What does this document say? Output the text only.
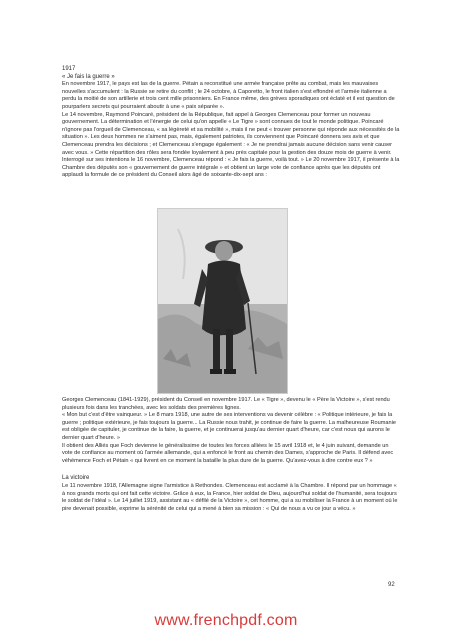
1917

« Je fais la guerre »

En novembre 1917, le pays est las de la guerre. Pétain a reconstitué une armée française prête au combat, mais les mauvaises nouvelles s'accumulent : la Russie se retire du conflit ; le 24 octobre, à Caporetto, le front italien s'est effondré et l'armée italienne a perdu la moitié de son artillerie et trois cent mille prisonniers. En France même, des grèves sporadiques ont éclaté et il est question de pourparlers secrets qui pourraient aboutir à une « paix séparée ».

Le 14 novembre, Raymond Poincaré, président de la République, fait appel à Georges Clemenceau pour former un nouveau gouvernement. La détermination et l'énergie de celui qu'on appelle « Le Tigre » sont connues de tout le monde politique. Poincaré n'ignore pas l'orgueil de Clemenceau, « sa légèreté et sa mobilité », mais il ne peut « trouver personne qui réponde aux nécessités de la situation ». Les deux hommes ne s'aiment pas, mais, également patriotes, ils conviennent que Poincaré donnera ses avis et que Clemenceau prendra les décisions ; et Clemenceau s'engage également : « Je ne prendrai jamais aucune décision sans venir causer avec vous. » Cette répartition des rôles sera fondée loyalement à peu près capitale pour la gestion des douze mois de guerre à venir.

Interrogé sur ses intentions le 16 novembre, Clemenceau répond : « Je fais la guerre, voilà tout. » Le 20 novembre 1917, il présente à la Chambre des députés son « gouvernement de guerre intégrale » et obtient un large vote de confiance après que les députés ont applaudi la formule de ce président du Conseil alors âgé de soixante-dix-sept ans :

Georges Clemenceau (1841-1929), président du Conseil en novembre 1917. Le « Tigre », devenu le « Père la Victoire », s'est rendu plusieurs fois dans les tranchées, avec les soldats des premières lignes.

« Mon but c'est d'être vainqueur. » Le 8 mars 1918, une autre de ses interventions va devenir célèbre : « Politique intérieure, je fais la guerre ; politique extérieure, je fais toujours la guerre... La Russie nous trahit, je continue de faire la guerre. La malheureuse Roumanie est obligée de capituler, je continue de la faire, la guerre, et je continuerai jusqu'au dernier quart d'heure, car c'est nous qui aurons le dernier quart d'heure. »

Il obtient des Alliés que Foch devienne le généralissime de toutes les forces alliées le 15 avril 1918 et, le 4 juin suivant, demande un vote de confiance au moment où l'armée allemande, qui a enfoncé le front au chemin des Dames, s'approche de Paris. Il défend avec véhémence Foch et Pétain « qui livrent en ce moment la bataille la plus dure de la guerre. Qu'avez-vous à dire contre eux ? »

La victoire

Le 11 novembre 1918, l'Allemagne signe l'armistice à Rethondes. Clemenceau est acclamé à la Chambre. Il répond par un hommage « à nos grands morts qui ont fait cette victoire. Grâce à eux, la France, hier soldat de Dieu, aujourd'hui soldat de l'humanité, sera toujours le soldat de l'idéal ». Le 14 juillet 1919, assistant au « défilé de la Victoire », cet homme, qui a su mobiliser la France à un moment où le pire devenait possible, exprime la sérénité de celui qui a mené à bien sa mission : « Qui de nous a vu ce jour a vécu. »

92
www.frenchpdf.com
